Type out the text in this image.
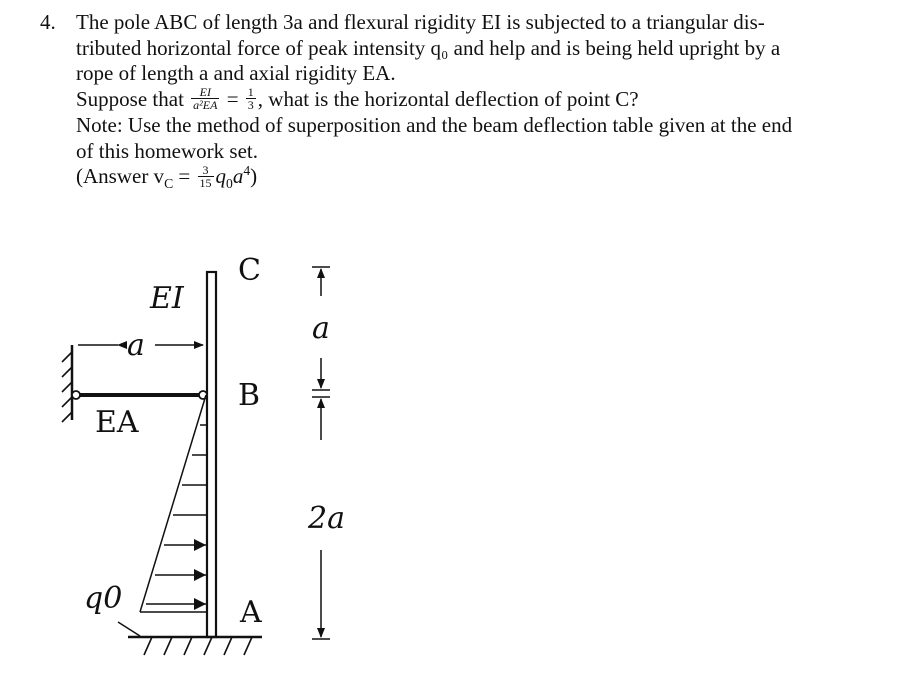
4. The pole ABC of length 3a and flexural rigidity EI is subjected to a triangular dis-
tributed horizontal force of peak intensity q₀ and help and is being held upright by a
rope of length a and axial rigidity EA.
Suppose that $\frac{EI}{\text{a²EA}} = \frac{1}{3}$ , what is the horizontal deflection of point C?
Note: Use the method of superposition and the beam deflection table given at the end
of this homework set.
(Answer $v_C = \frac{3}{15} q_0a^4$)
a
C
B
A
EI
EA
q0
a
2a
